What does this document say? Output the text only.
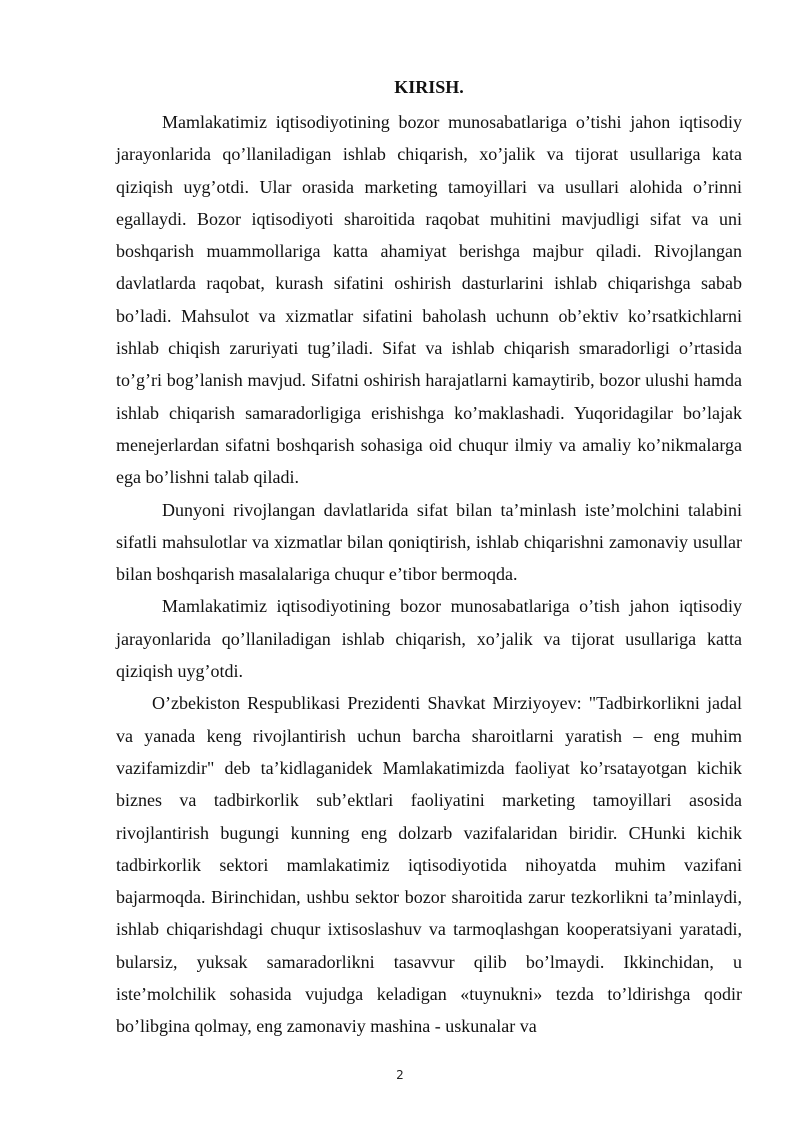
KIRISH.

Mamlakatimiz iqtisodiyotining bozor munosabatlariga o’tishi jahon iqtisodiy jarayonlarida qo’llaniladigan ishlab chiqarish, xo’jalik va tijorat usullariga kata qiziqish uyg’otdi. Ular orasida marketing tamoyillari va usullari alohida o’rinni egallaydi. Bozor iqtisodiyoti sharoitida raqobat muhitini mavjudligi sifat va uni boshqarish muammollariga katta ahamiyat berishga majbur qiladi. Rivojlangan davlatlarda raqobat, kurash sifatini oshirish dasturlarini ishlab chiqarishga sabab bo’ladi. Mahsulot va xizmatlar sifatini baholash uchunn ob’ektiv ko’rsatkichlarni ishlab chiqish zaruriyati tug’iladi. Sifat va ishlab chiqarish smaradorligi o’rtasida to’g’ri bog’lanish mavjud. Sifatni oshirish harajatlarni kamaytirib, bozor ulushi hamda ishlab chiqarish samaradorligiga erishishga ko’maklashadi. Yuqoridagilar bo’lajak menejerlardan sifatni boshqarish sohasiga oid chuqur ilmiy va amaliy ko’nikmalarga ega bo’lishni talab qiladi.

Dunyoni rivojlangan davlatlarida sifat bilan ta’minlash iste’molchini talabini sifatli mahsulotlar va xizmatlar bilan qoniqtirish, ishlab chiqarishni zamonaviy usullar bilan boshqarish masalalariga chuqur e’tibor bermoqda.

Mamlakatimiz iqtisodiyotining bozor munosabatlariga o’tish jahon iqtisodiy jarayonlarida qo’llaniladigan ishlab chiqarish, xo’jalik va tijorat usullariga katta qiziqish uyg’otdi.

O’zbekiston Respublikasi Prezidenti Shavkat Mirziyoyev: "Tadbirkorlikni jadal va yanada keng rivojlantirish uchun barcha sharoitlarni yaratish – eng muhim vazifamizdir" deb ta’kidlaganidek Mamlakatimizda faoliyat ko’rsatayotgan kichik biznes va tadbirkorlik sub’ektlari faoliyatini marketing tamoyillari asosida rivojlantirish bugungi kunning eng dolzarb vazifalaridan biridir. CHunki kichik tadbirkorlik sektori mamlakatimiz iqtisodiyotida nihoyatda muhim vazifani bajarmoqda. Birinchidan, ushbu sektor bozor sharoitida zarur tezkorlikni ta’minlaydi, ishlab chiqarishdagi chuqur ixtisoslashuv va tarmoqlashgan kooperatsiyani yaratadi, bularsiz, yuksak samaradorlikni tasavvur qilib bo’lmaydi. Ikkinchidan, u iste’molchilik sohasida vujudga keladigan «tuynukni» tezda to’ldirishga qodir bo’libgina qolmay, eng zamonaviy mashina - uskunalar va

2
